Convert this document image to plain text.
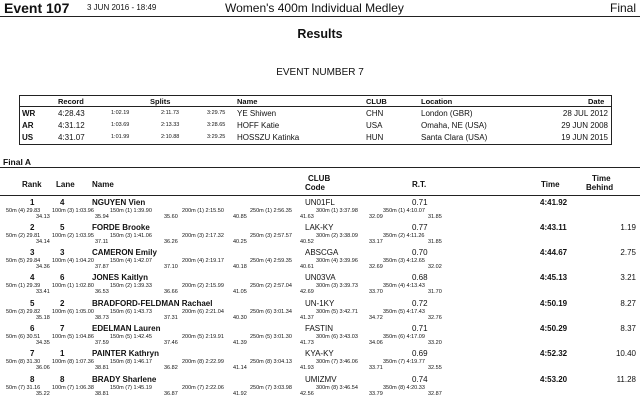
Event 107 3 JUN 2016 - 18:49	Women's 400m Individual Medley	Final
Results
EVENT NUMBER 7
Record	Splits	Name	CLUB	Location	Date
WR	4:28.43	1:02.19	2:11.73	3:29.75 YE Shiwen	CHN	London (GBR)	28 JUL 2012
AR	4:31.12	1:03.69	2:13.33	3:28.65 HOFF Katie	USA	Omaha, NE (USA)	29 JUN 2008
US	4:31.07	1:01.99	2:10.88	3:29.25 HOSSZU Katinka	HUN	Santa Clara (USA)	19 JUN 2015
Final A
Rank Lane Name
CLUB
Code	R.T.	Time
Time
Behind
1	4	NGUYEN Vien	UN01FL	0.71	4:41.92
50m (4) 29.83 100m (3) 1:03.96	150m (1) 1:39.90	200m (1) 2:15.50	250m (1) 2:56.35	300m (1) 3:37.98	350m (1) 4:10.07
34.13	35.94	35.60	40.85	41.63	32.09	31.85
2	5	FORDE Brooke	LAK-KY	0.77	4:43.11	1.19
50m (2) 29.81 100m (2) 1:03.95	150m (3) 1:41.06	200m (3) 2:17.32	250m (3) 2:57.57	300m (2) 3:38.09	350m (2) 4:11.26
34.14	37.11	36.26	40.25	40.52	33.17	31.85
3	3	CAMERON Emily	ABSCGA	0.70	4:44.67	2.75
50m (5) 29.84 100m (4) 1:04.20	150m (4) 1:42.07	200m (4) 2:19.17	250m (4) 2:59.35	300m (4) 3:39.96	350m (3) 4:12.65
34.36	37.87	37.10	40.18	40.61	32.69	32.02
4	6	JONES Kaitlyn	UN03VA	0.68	4:45.13	3.21
50m (1) 29.39 100m (1) 1:02.80	150m (2) 1:39.33	200m (2) 2:15.99	250m (2) 2:57.04	300m (3) 3:39.73	350m (4) 4:13.43
33.41	36.53	36.66	41.05	42.69	33.70	31.70
5	2	BRADFORD-FELDMAN Rachael	UN-1KY	0.72	4:50.19	8.27
50m (3) 29.82 100m (6) 1:05.00	150m (6) 1:43.73	200m (6) 2:21.04	250m (6) 3:01.34	300m (5) 3:42.71	350m (5) 4:17.43
35.18	38.73	37.31	40.30	41.37	34.72	32.76
6	7	EDELMAN Lauren	FASTIN	0.71	4:50.29	8.37
50m (6) 30.51 100m (5) 1:04.86	150m (5) 1:42.45	200m (5) 2:19.91	250m (5) 3:01.30	300m (6) 3:43.03	350m (6) 4:17.09
34.35	37.59	37.46	41.39	41.73	34.06	33.20
7	1	PAINTER Kathryn	KYA-KY	0.69	4:52.32	10.40
50m (8) 31.30 100m (8) 1:07.36	150m (8) 1:46.17	200m (8) 2:22.99	250m (8) 3:04.13	300m (7) 3:46.06	350m (7) 4:19.77
36.06	38.81	36.82	41.14	41.93	33.71	32.55
8	8	BRADY Sharlene	UMIZMV	0.74	4:53.20	11.28
50m (7) 31.16 100m (7) 1:06.38	150m (7) 1:45.19	200m (7) 2:22.06	250m (7) 3:03.98	300m (8) 3:46.54	350m (8) 4:20.33
35.22	38.81	36.87	41.92	42.56	33.79	32.87
